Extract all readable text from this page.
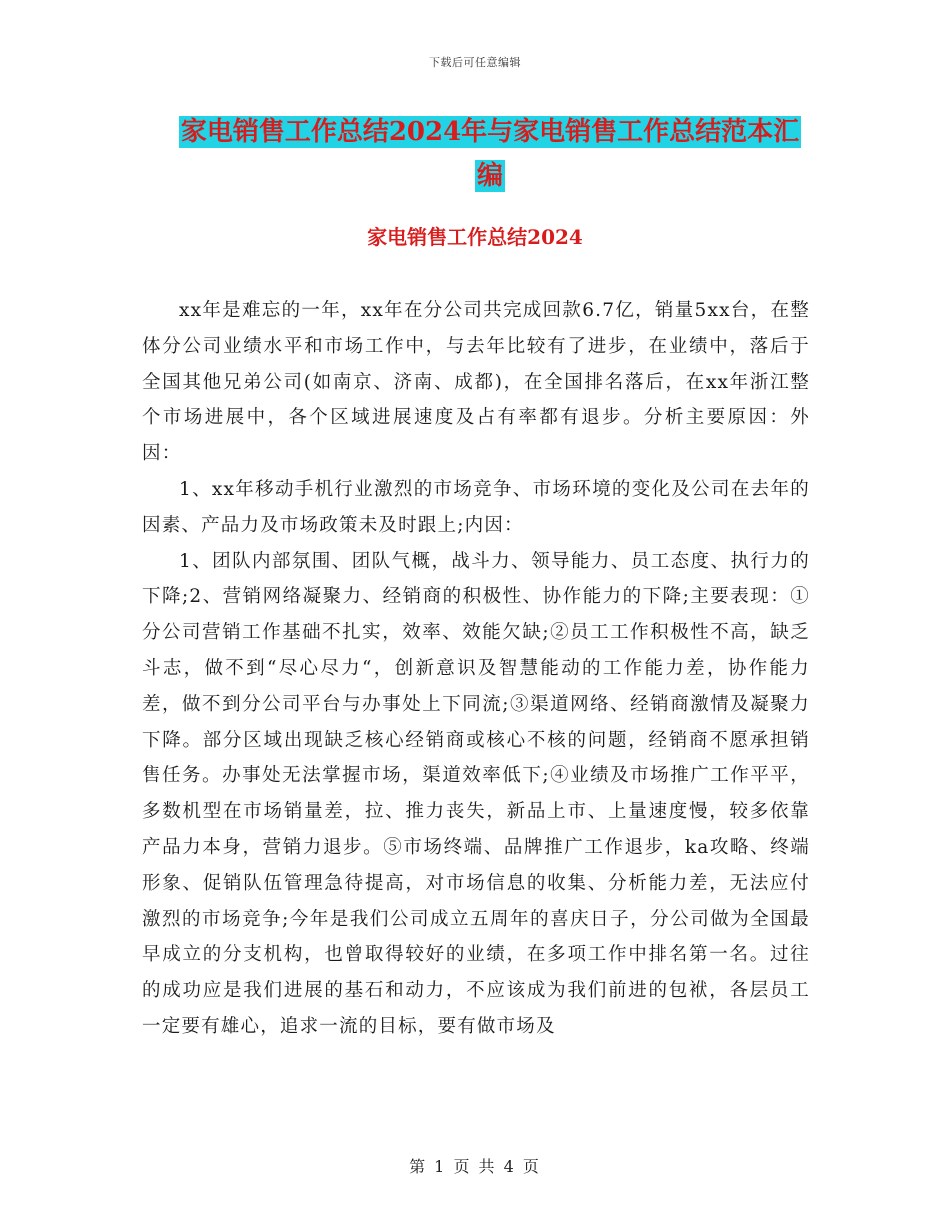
下载后可任意编辑
家电销售工作总结2024年与家电销售工作总结范本汇编
家电销售工作总结2024

xx年是难忘的一年，xx年在分公司共完成回款6.7亿，销量5xx台，在整体分公司业绩水平和市场工作中，与去年比较有了进步，在业绩中，落后于全国其他兄弟公司(如南京、济南、成都)，在全国排名落后，在xx年浙江整个市场进展中，各个区域进展速度及占有率都有退步。分析主要原因：外因：

1、xx年移动手机行业激烈的市场竞争、市场环境的变化及公司在去年的因素、产品力及市场政策未及时跟上;内因：

1、团队内部氛围、团队气概，战斗力、领导能力、员工态度、执行力的下降;2、营销网络凝聚力、经销商的积极性、协作能力的下降;主要表现：①分公司营销工作基础不扎实，效率、效能欠缺;②员工工作积极性不高，缺乏斗志，做不到“尽心尽力“，创新意识及智慧能动的工作能力差，协作能力差，做不到分公司平台与办事处上下同流;③渠道网络、经销商激情及凝聚力下降。部分区域出现缺乏核心经销商或核心不核的问题，经销商不愿承担销售任务。办事处无法掌握市场，渠道效率低下;④业绩及市场推广工作平平，多数机型在市场销量差，拉、推力丧失，新品上市、上量速度慢，较多依靠产品力本身，营销力退步。⑤市场终端、品牌推广工作退步，ka攻略、终端形象、促销队伍管理急待提高，对市场信息的收集、分析能力差，无法应付激烈的市场竞争;今年是我们公司成立五周年的喜庆日子，分公司做为全国最早成立的分支机构，也曾取得较好的业绩，在多项工作中排名第一名。过往的成功应是我们进展的基石和动力，不应该成为我们前进的包袱，各层员工一定要有雄心，追求一流的目标，要有做市场及

第 1 页 共 4 页
